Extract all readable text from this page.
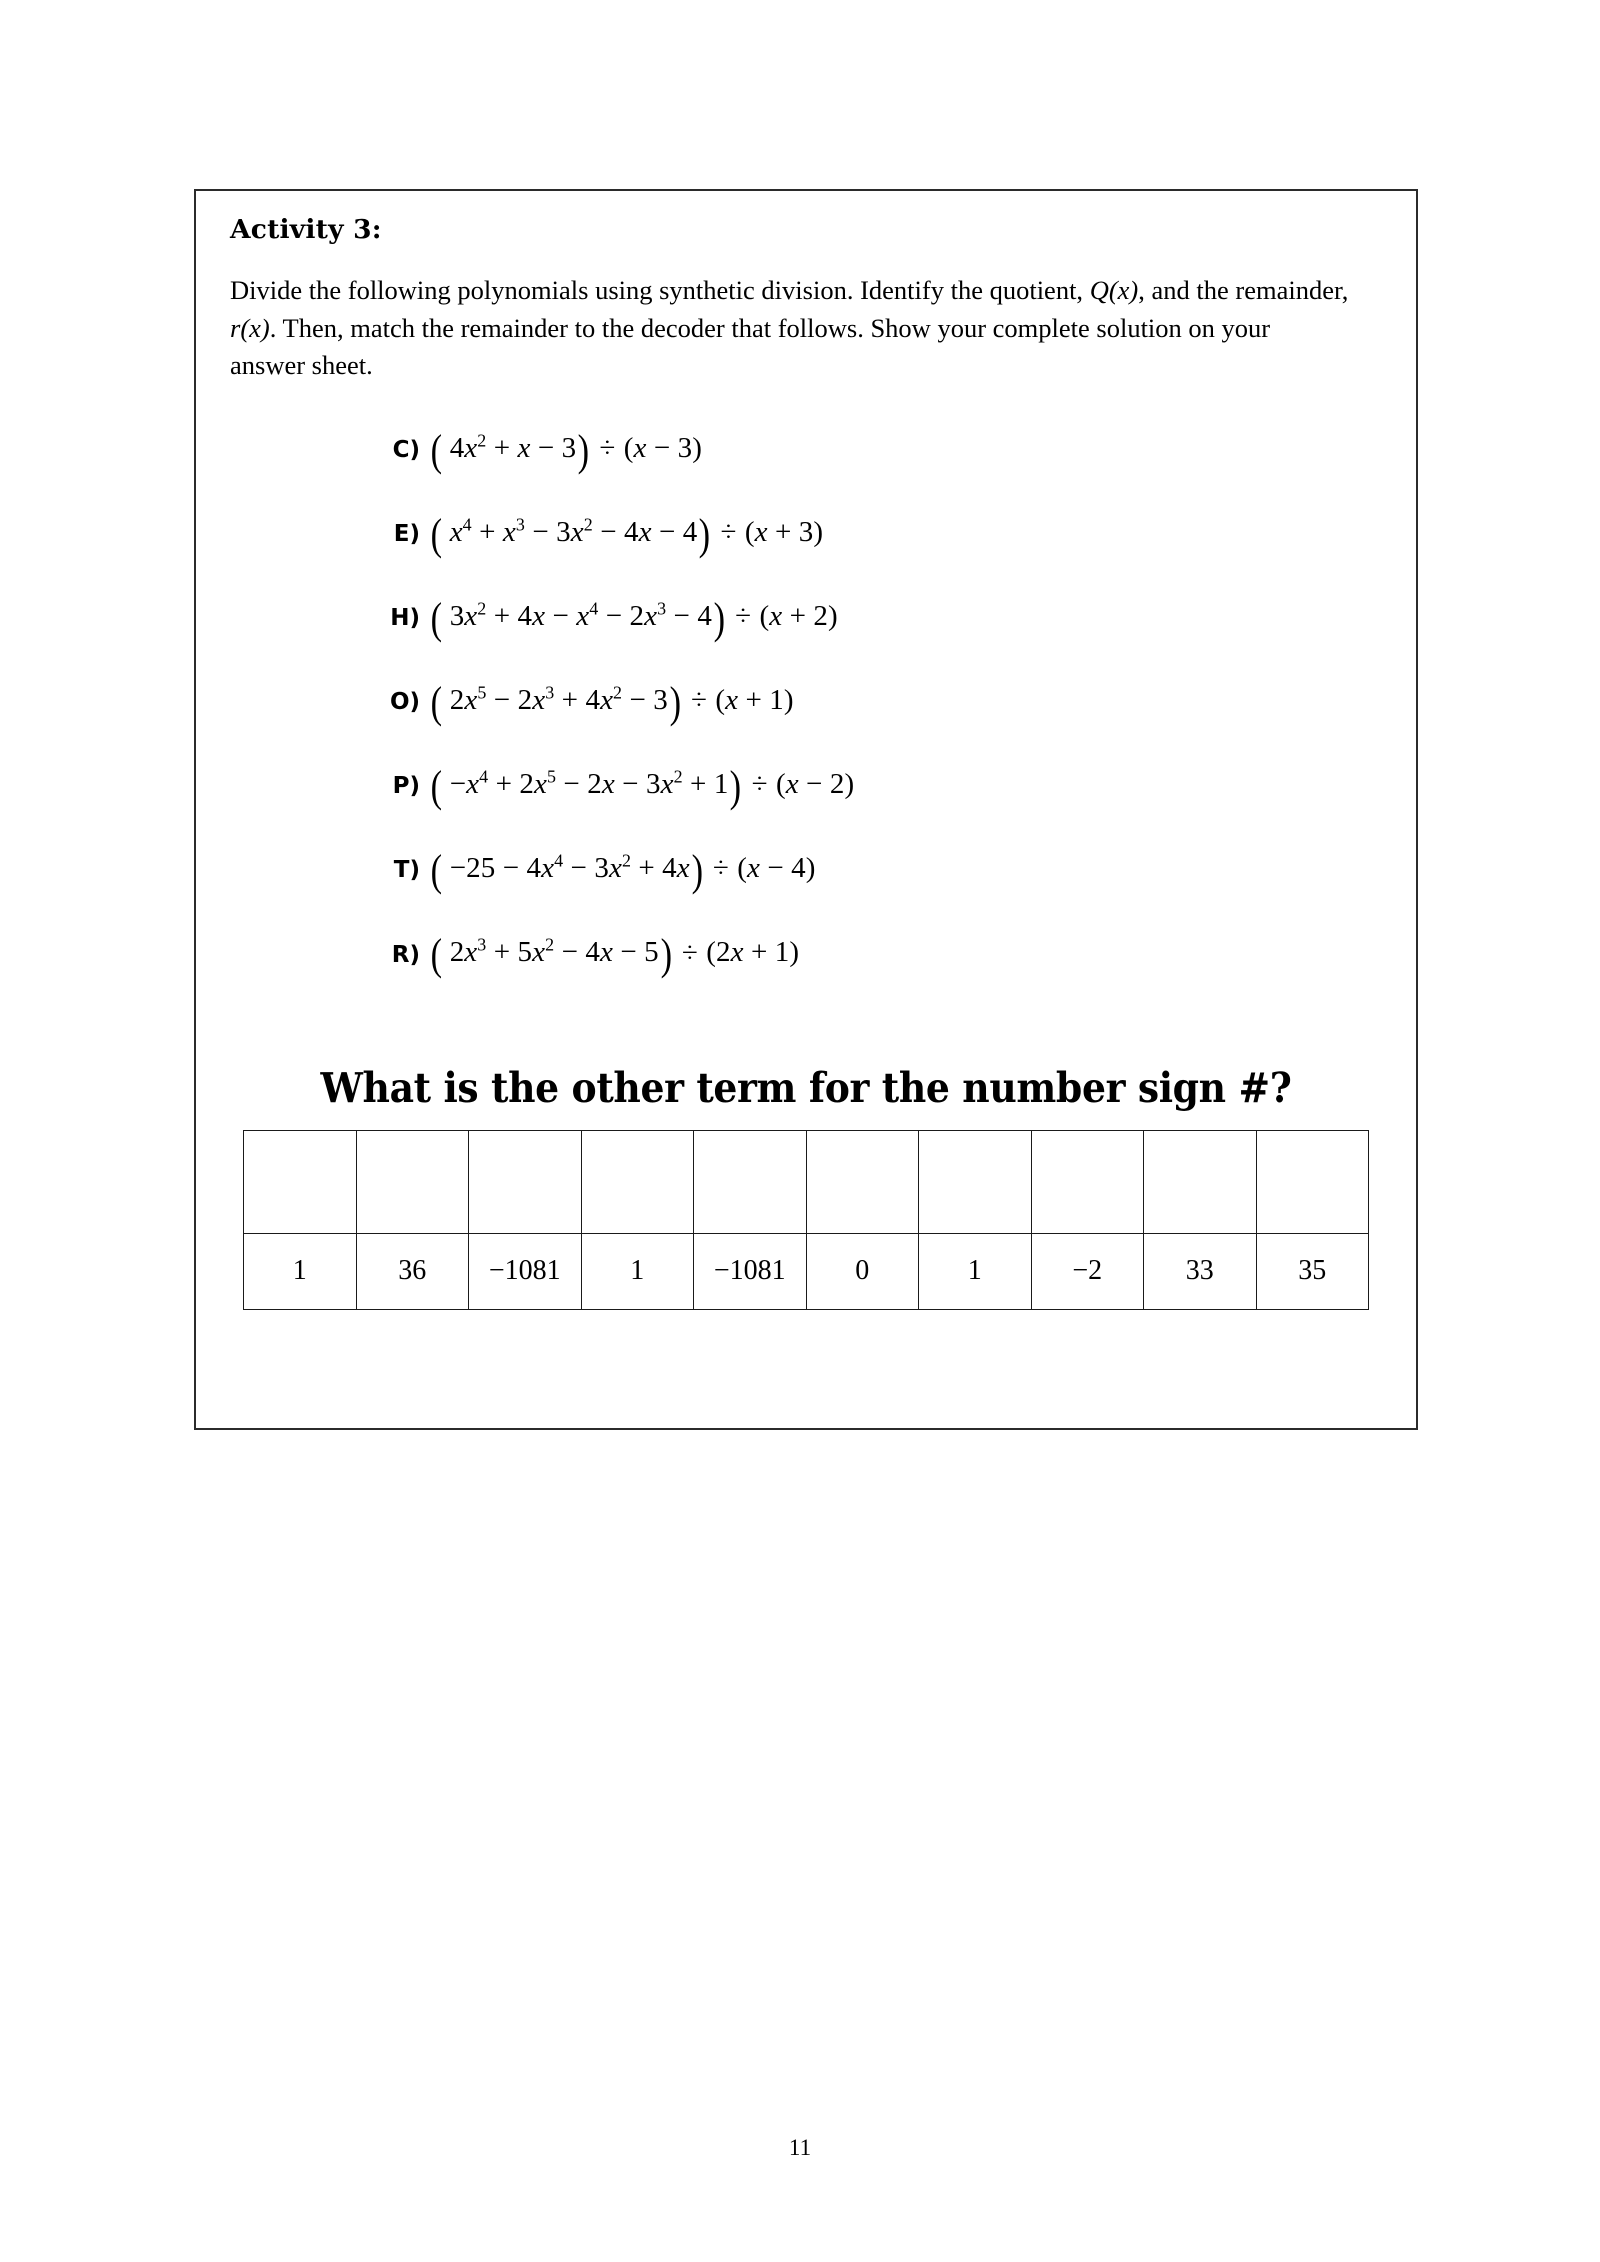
Activity 3:

Divide the following polynomials using synthetic division. Identify the quotient, Q(x), and the remainder, r(x). Then, match the remainder to the decoder that follows. Show your complete solution on your answer sheet.

C) (  $4x^2 + x - 3) \div (x - 3)$
E) (  $x^4 + x^3 - 3x^2 - 4x - 4) \div (x + 3)$
H) (  $3x^2 + 4x - x^4 - 2x^3 - 4) \div (x + 2)$
O) (  $2x^5 - 2x^3 + 4x^2 - 3) \div (x + 1)$
P) (  $-x^4 + 2x^5 - 2x - 3x^2 + 1) \div (x - 2)$
T) (  $-25 - 4x^4 - 3x^2 + 4x) \div (x - 4)$
R) (  $2x^3 + 5x^2 - 4x - 5) \div (2x + 1)$
What is the other term for the number sign #?

1	36	−1081	1	−1081	0	1	−2	33	35
11
